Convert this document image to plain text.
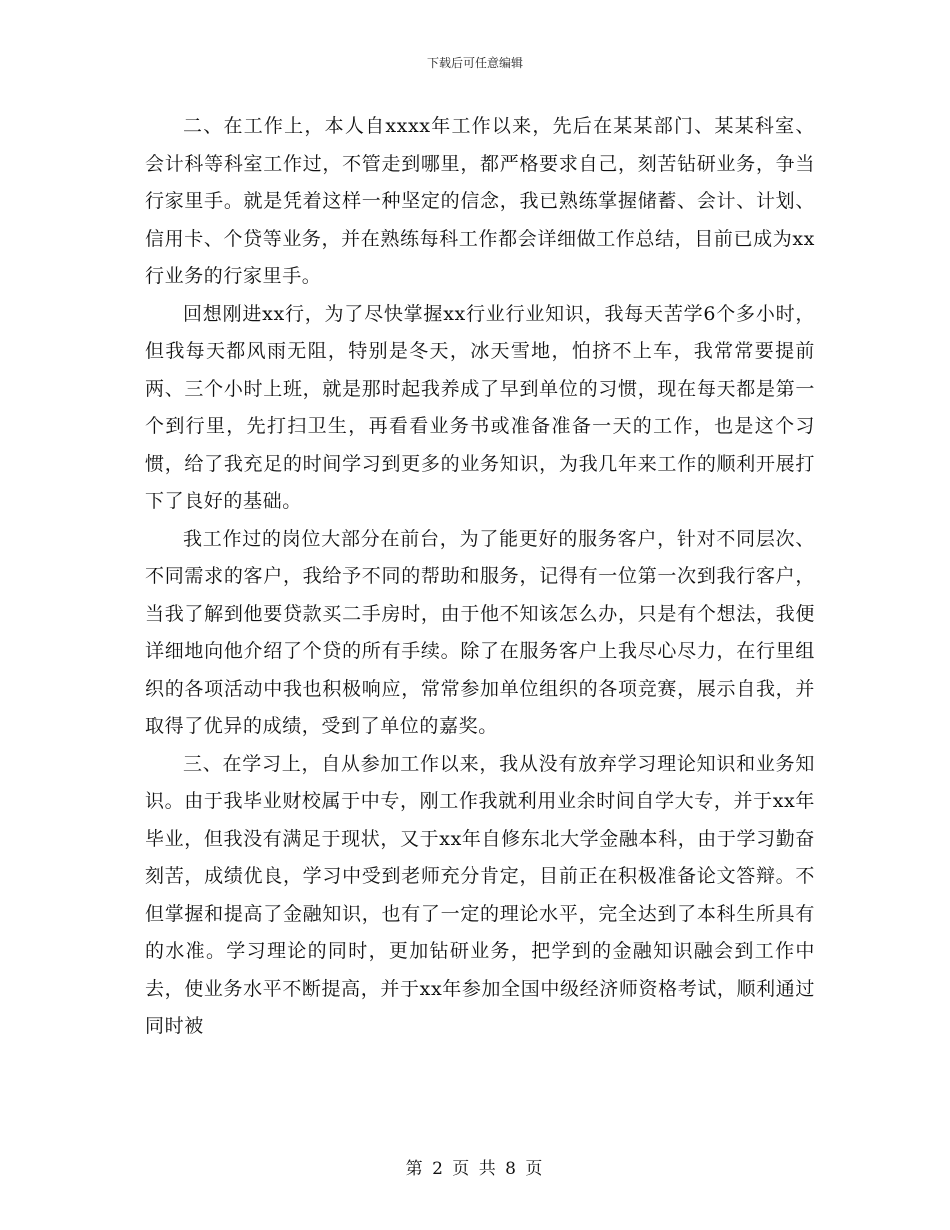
下载后可任意编辑

二、在工作上，本人自xxxx年工作以来，先后在某某部门、某某科室、会计科等科室工作过，不管走到哪里，都严格要求自己，刻苦钻研业务，争当行家里手。就是凭着这样一种坚定的信念，我已熟练掌握储蓄、会计、计划、信用卡、个贷等业务，并在熟练每科工作都会详细做工作总结，目前已成为xx行业务的行家里手。

回想刚进xx行，为了尽快掌握xx行业行业知识，我每天苦学6个多小时，但我每天都风雨无阻，特别是冬天，冰天雪地，怕挤不上车，我常常要提前两、三个小时上班，就是那时起我养成了早到单位的习惯，现在每天都是第一个到行里，先打扫卫生，再看看业务书或准备准备一天的工作，也是这个习惯，给了我充足的时间学习到更多的业务知识，为我几年来工作的顺利开展打下了良好的基础。

我工作过的岗位大部分在前台，为了能更好的服务客户，针对不同层次、不同需求的客户，我给予不同的帮助和服务，记得有一位第一次到我行客户，当我了解到他要贷款买二手房时，由于他不知该怎么办，只是有个想法，我便详细地向他介绍了个贷的所有手续。除了在服务客户上我尽心尽力，在行里组织的各项活动中我也积极响应，常常参加单位组织的各项竞赛，展示自我，并取得了优异的成绩，受到了单位的嘉奖。

三、在学习上，自从参加工作以来，我从没有放弃学习理论知识和业务知识。由于我毕业财校属于中专，刚工作我就利用业余时间自学大专，并于xx年毕业，但我没有满足于现状，又于xx年自修东北大学金融本科，由于学习勤奋刻苦，成绩优良，学习中受到老师充分肯定，目前正在积极准备论文答辩。不但掌握和提高了金融知识，也有了一定的理论水平，完全达到了本科生所具有的水准。学习理论的同时，更加钻研业务，把学到的金融知识融会到工作中去，使业务水平不断提高，并于xx年参加全国中级经济师资格考试，顺利通过同时被

第 2 页 共 8 页
